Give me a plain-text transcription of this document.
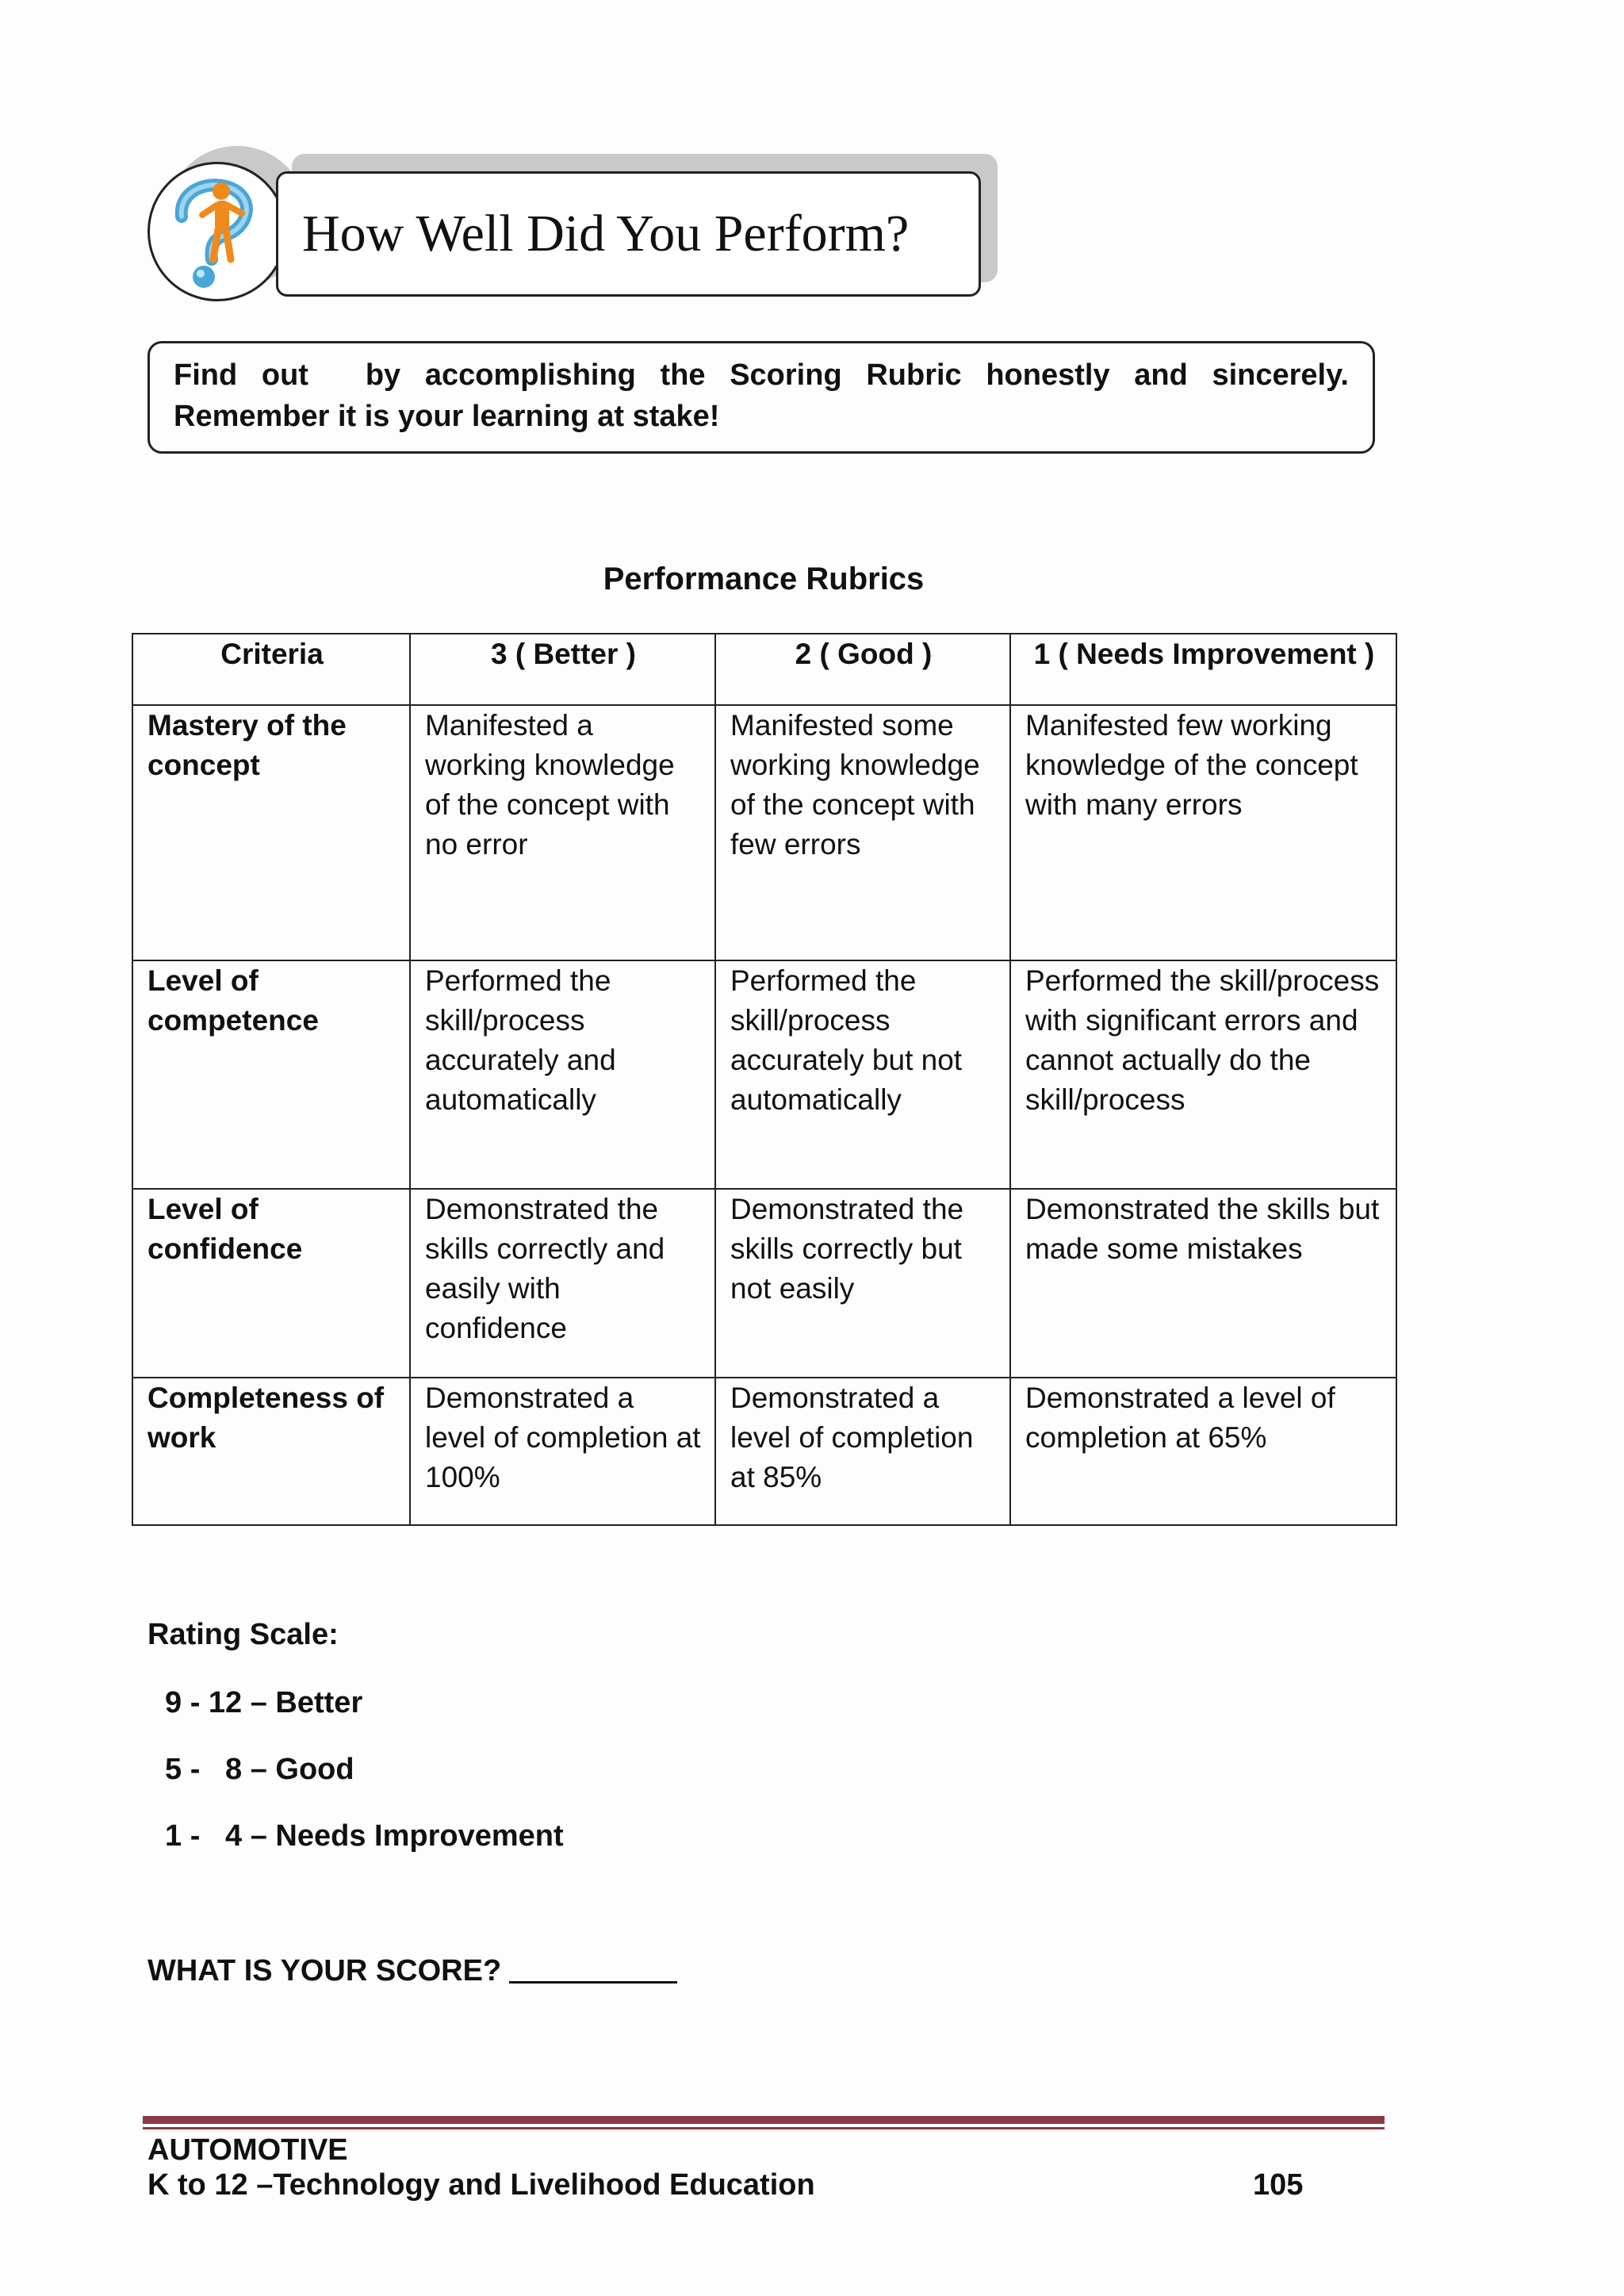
How Well Did You Perform?
Find out
by accomplishing the Scoring Rubric honestly and sincerely.
Remember it is your learning at stake!
Performance Rubrics
Criteria	3 ( Better )	2 ( Good )	1 ( Needs Improvement )
Mastery of the concept	Manifested a working knowledge of the concept with no error	Manifested some working knowledge of the concept with few errors	Manifested few working knowledge of the concept with many errors
Level of competence	Performed the skill/process accurately and automatically	Performed the skill/process accurately but not automatically	Performed the skill/process with significant errors and cannot actually do the skill/process
Level of confidence	Demonstrated the skills correctly and easily with confidence	Demonstrated the skills correctly but not easily	Demonstrated the skills but made some mistakes
Completeness of work	Demonstrated a level of completion at 100%	Demonstrated a level of completion at 85%	Demonstrated a level of completion at 65%
Rating Scale:
9 - 12 – Better
5 -   8 – Good
1 -   4 – Needs Improvement
WHAT IS YOUR SCORE?
AUTOMOTIVE
K to 12 –Technology and Livelihood Education	105
